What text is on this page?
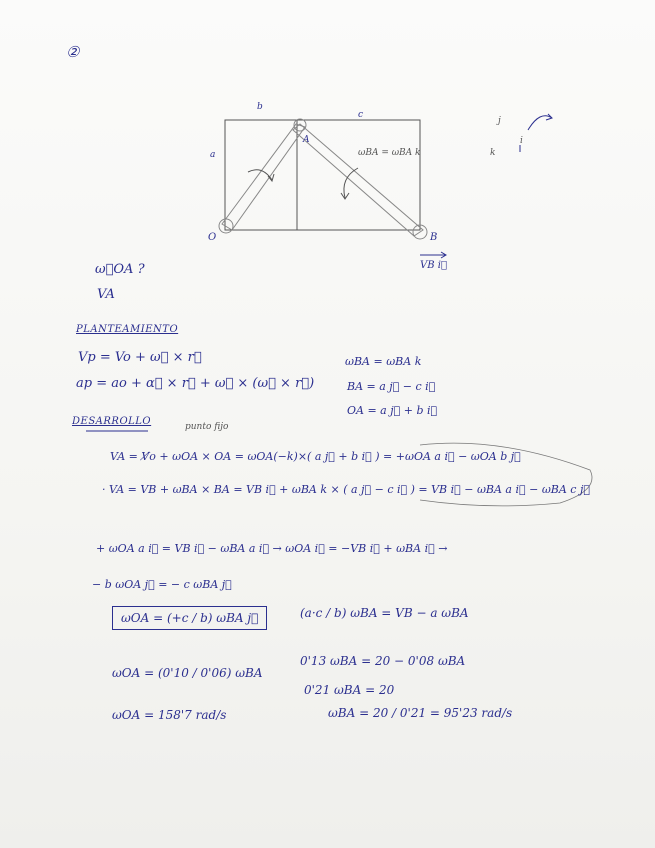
②
b
c
a
A
O	B
ωBA = ωBA k
VB i⃗
j
i
k
ω⃗OA ?
VA
PLANTEAMIENTO
Vp = Vo + ω⃗ × r⃗
ap = ao + α⃗ × r⃗ + ω⃗ × (ω⃗ × r⃗)
ωBA = ωBA k
BA = a j⃗ − c i⃗
OA = a j⃗ + b i⃗
DESARROLLO	punto fijo
VA = V̸o + ωOA × OA = ωOA(−k)×( a j⃗ + b i⃗ ) = +ωOA a i⃗ − ωOA b j⃗
· VA = VB + ωBA × BA = VB i⃗ + ωBA k × ( a j⃗ − c i⃗ ) = VB i⃗ − ωBA a i⃗ − ωBA c j⃗
+ ωOA a i⃗ = VB i⃗ − ωBA a i⃗ → ωOA i⃗ = −VB i⃗ + ωBA i⃗ →
− b ωOA j⃗ = − c ωBA j⃗
ωOA = (+c / b) ωBA j⃗	(a·c / b) ωBA = VB − a ωBA
ωOA = (0'10 / 0'06) ωBA
0'13 ωBA = 20 − 0'08 ωBA
0'21 ωBA = 20
ωOA = 158'7 rad/s	ωBA = 20 / 0'21 = 95'23 rad/s
